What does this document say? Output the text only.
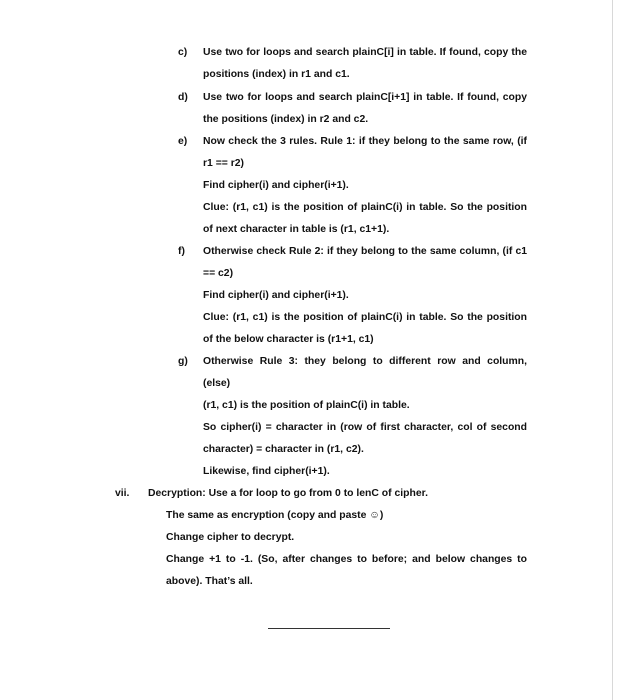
c) Use two for loops and search plainC[i] in table. If found, copy the
positions (index) in r1 and c1.
d) Use two for loops and search plainC[i+1] in table. If found, copy
the positions (index) in r2 and c2.
e) Now check the 3 rules. Rule 1: if they belong to the same row, (if
r1 == r2)
Find cipher(i) and cipher(i+1).
Clue: (r1, c1) is the position of plainC(i) in table. So the position
of next character in table is (r1, c1+1).
f) Otherwise check Rule 2: if they belong to the same column, (if c1
== c2)
Find cipher(i) and cipher(i+1).
Clue: (r1, c1) is the position of plainC(i) in table. So the position
of the below character is (r1+1, c1)
g) Otherwise Rule 3: they belong to different row and column,
(else)
(r1, c1) is the position of plainC(i) in table.
So cipher(i) = character in (row of first character, col of second
character) = character in (r1, c2).
Likewise, find cipher(i+1).
vii. Decryption: Use a for loop to go from 0 to lenC of cipher.
The same as encryption (copy and paste ☺)
Change cipher to decrypt.
Change +1 to -1. (So, after changes to before; and below changes to
above). That’s all.
